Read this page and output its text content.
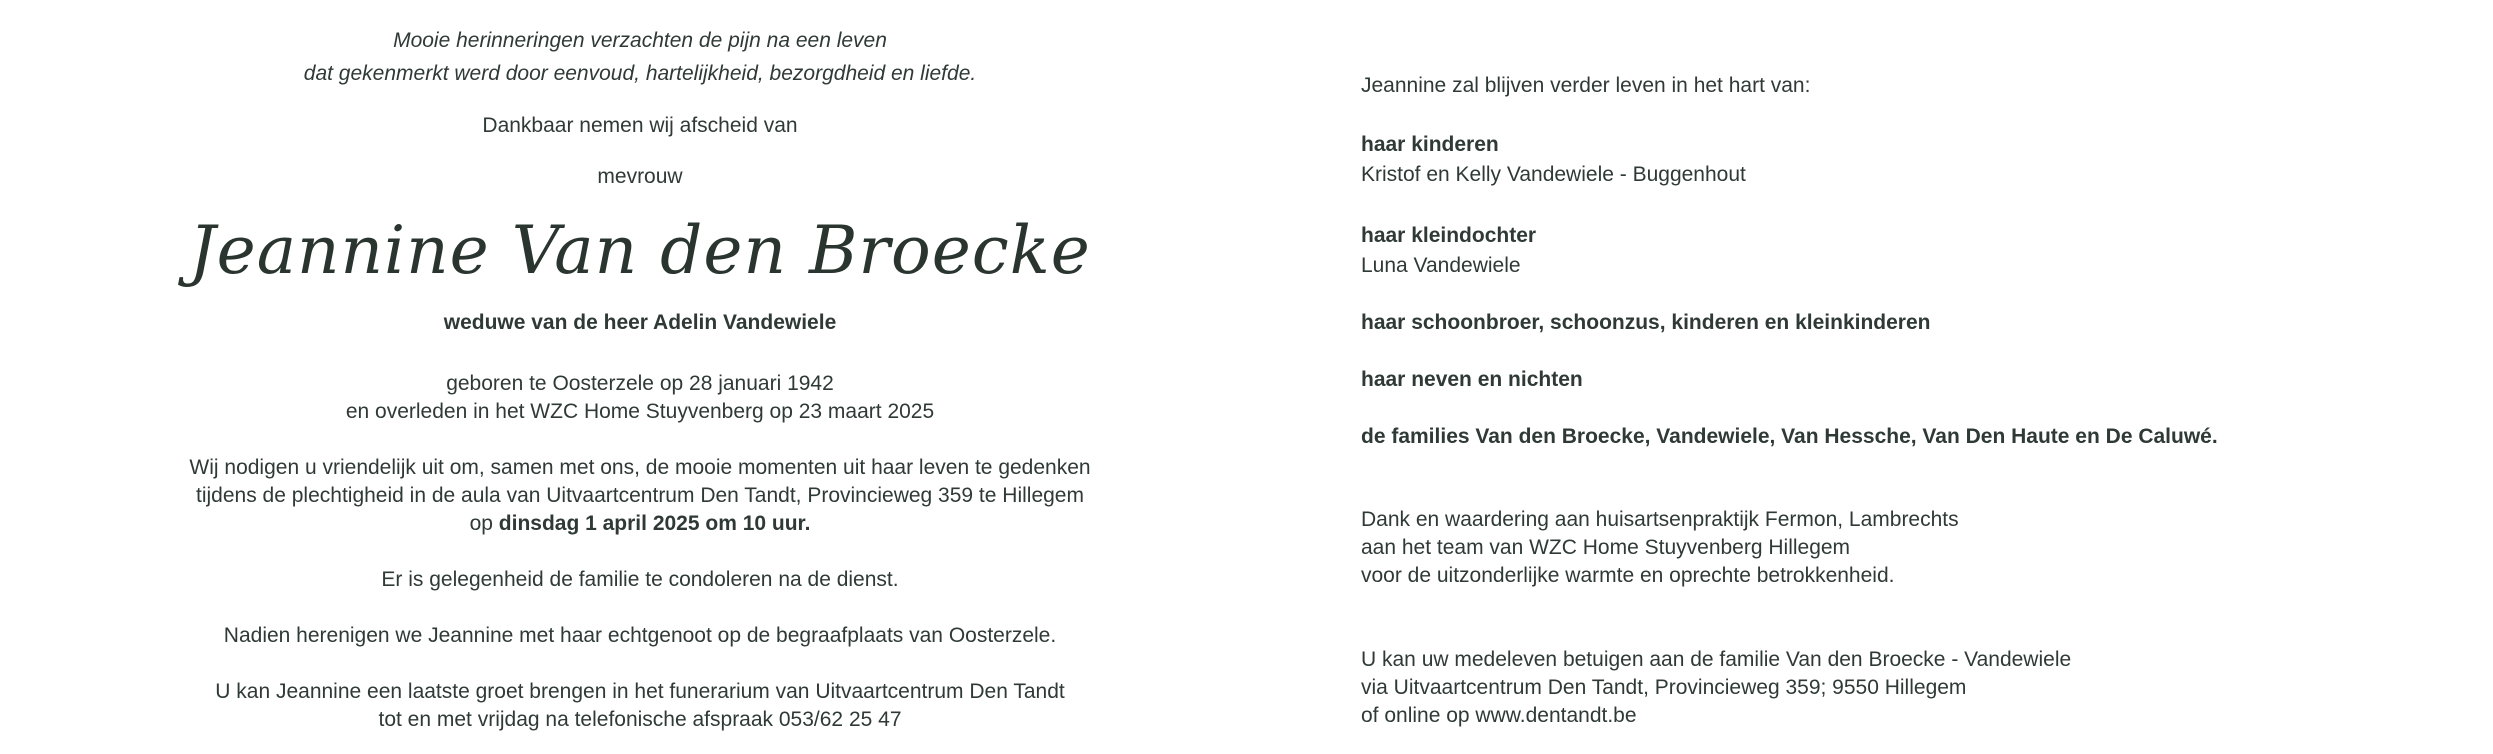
Mooie herinneringen verzachten de pijn na een leven
dat gekenmerkt werd door eenvoud, hartelijkheid, bezorgdheid en liefde.
Dankbaar nemen wij afscheid van
mevrouw
Jeannine Van den Broecke
weduwe van de heer Adelin Vandewiele
geboren te Oosterzele op 28 januari 1942
en overleden in het WZC Home Stuyvenberg op 23 maart 2025
Wij nodigen u vriendelijk uit om, samen met ons, de mooie momenten uit haar leven te gedenken
tijdens de plechtigheid in de aula van Uitvaartcentrum Den Tandt, Provincieweg 359 te Hillegem
op dinsdag 1 april 2025 om 10 uur.
Er is gelegenheid de familie te condoleren na de dienst.
Nadien herenigen we Jeannine met haar echtgenoot op de begraafplaats van Oosterzele.
U kan Jeannine een laatste groet brengen in het funerarium van Uitvaartcentrum Den Tandt
tot en met vrijdag na telefonische afspraak 053/62 25 47
Jeannine zal blijven verder leven in het hart van:
haar kinderen
Kristof en Kelly Vandewiele - Buggenhout
haar kleindochter
Luna Vandewiele
haar schoonbroer, schoonzus, kinderen en kleinkinderen
haar neven en nichten
de families Van den Broecke, Vandewiele, Van Hessche, Van Den Haute en De Caluwé.
Dank en waardering aan huisartsenpraktijk Fermon, Lambrechts
aan het team van WZC Home Stuyvenberg Hillegem
voor de uitzonderlijke warmte en oprechte betrokkenheid.
U kan uw medeleven betuigen aan de familie Van den Broecke - Vandewiele
via Uitvaartcentrum Den Tandt, Provincieweg 359; 9550 Hillegem
of online op www.dentandt.be
